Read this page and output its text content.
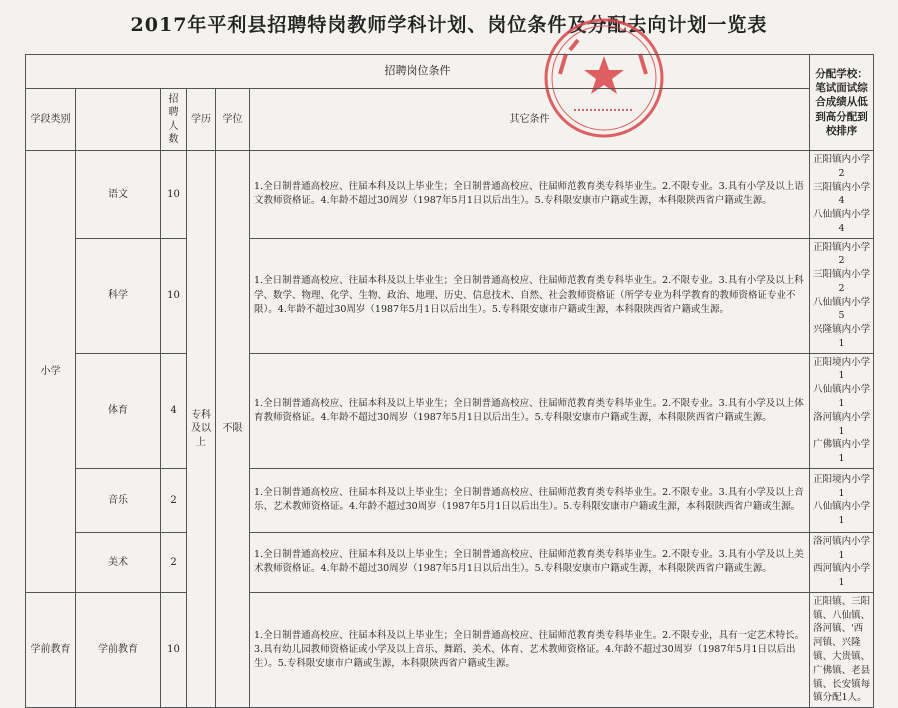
2017年平利县招聘特岗教师学科计划、岗位条件及分配去向计划一览表
招聘岗位条件						分配学校：笔试面试综合成绩从低到高分配到校排序
学段类别		招聘人数	学历	学位	其它条件	
小学	语文	10	专科及以上	不限	1.全日制普通高校应、往届本科及以上毕业生；全日制普通高校应、往届师范教育类专科毕业生。2.不限专业。3.具有小学及以上语文教师资格证。4.年龄不超过30周岁（1987年5月1日以后出生）。5.专科限安康市户籍或生源，本科限陕西省户籍或生源。	正阳镇内小学2
三阳镇内小学4
八仙镇内小学4

	科学	10			1.全日制普通高校应、往届本科及以上毕业生；全日制普通高校应、往届师范教育类专科毕业生。2.不限专业。3.具有小学及以上科学、数学、物理、化学、生物、政治、地理、历史、信息技术、自然、社会教师资格证（所学专业为科学教育的教师资格证专业不限）。4.年龄不超过30周岁（1987年5月1日以后出生）。5.专科限安康市户籍或生源，本科限陕西省户籍或生源。	正阳镇内小学2
三阳镇内小学2
八仙镇内小学5
兴隆镇内小学1

	体育	4			1.全日制普通高校应、往届本科及以上毕业生；全日制普通高校应、往届师范教育类专科毕业生。2.不限专业。3.具有小学及以上体育教师资格证。4.年龄不超过30周岁（1987年5月1日以后出生）。5.专科限安康市户籍或生源，本科限陕西省户籍或生源。	正阳境内小学1
八仙镇内小学1
洛河镇内小学1
广佛镇内小学1

	音乐	2			1.全日制普通高校应、往届本科及以上毕业生；全日制普通高校应、往届师范教育类专科毕业生。2.不限专业。3.具有小学及以上音乐、艺术教师资格证。4.年龄不超过30周岁（1987年5月1日以后出生）。5.专科限安康市户籍或生源，本科限陕西省户籍或生源。	正阳境内小学1
八仙镇内小学1

	美术	2			1.全日制普通高校应、往届本科及以上毕业生；全日制普通高校应、往届师范教育类专科毕业生。2.不限专业。3.具有小学及以上美术教师资格证。4.年龄不超过30周岁（1987年5月1日以后出生）。5.专科限安康市户籍或生源，本科限陕西省户籍或生源。	洛河镇内小学1
西河镇内小学1

学前教育	学前教育	10			1.全日制普通高校应、往届本科及以上毕业生；全日制普通高校应、往届师范教育类专科毕业生。2.不限专业，具有一定艺术特长。3.具有幼儿园教师资格证或小学及以上音乐、舞蹈、美术、体育、艺术教师资格证。4.年龄不超过30周岁（1987年5月1日以后出生）。5.专科限安康市户籍或生源，本科限陕西省户籍或生源。	正阳镇、三阳镇、八仙镇、洛河镇、'西河镇、兴隆镇、大贵镇、广佛镇、老县镇、长安镇每镇分配1人。
